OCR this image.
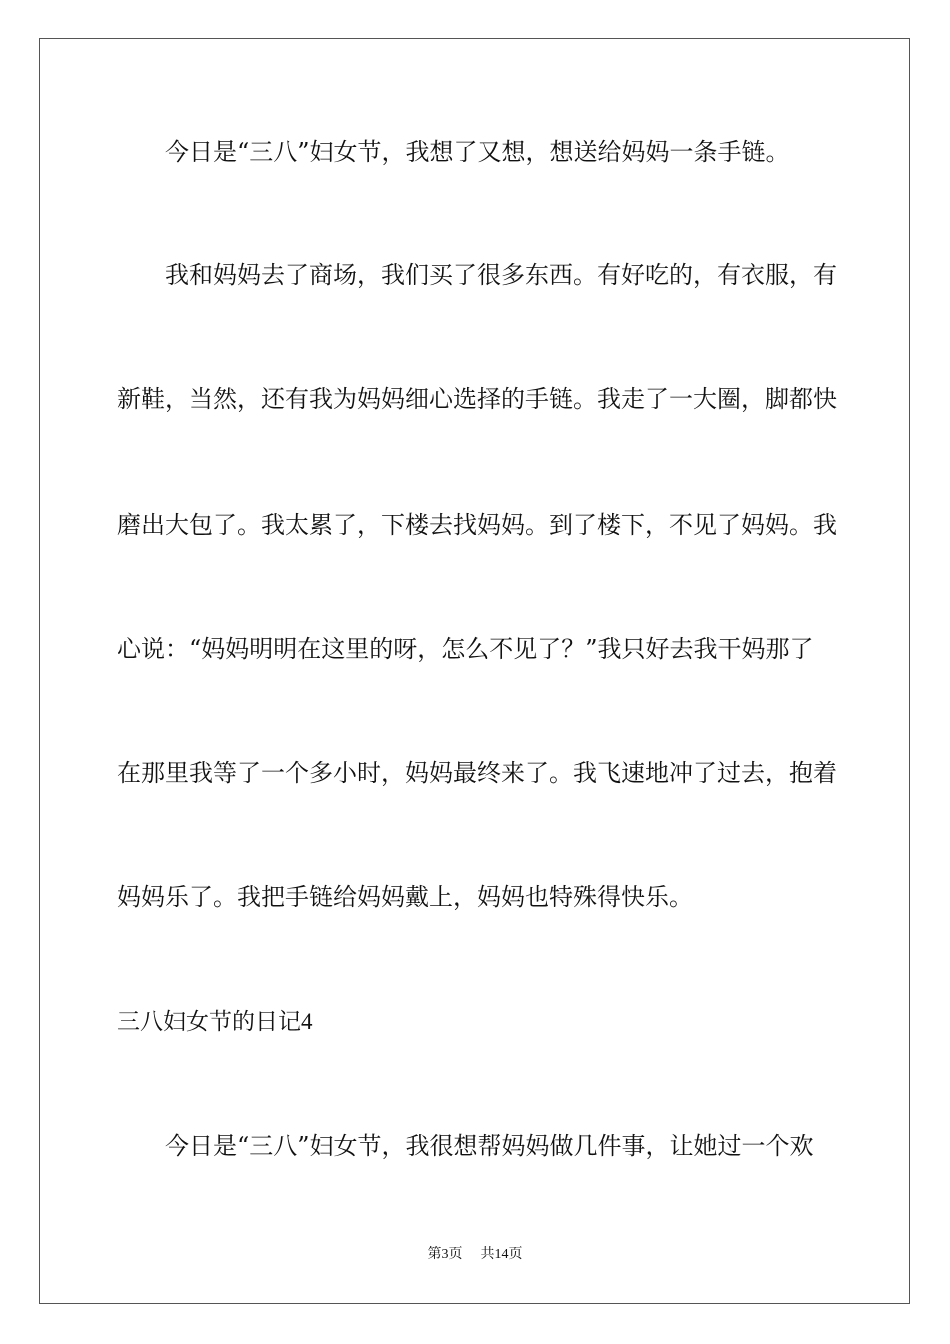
今日是“三八”妇女节，我想了又想，想送给妈妈一条手链。
我和妈妈去了商场，我们买了很多东西。有好吃的，有衣服，有
新鞋，当然，还有我为妈妈细心选择的手链。我走了一大圈，脚都快
磨出大包了。我太累了，下楼去找妈妈。到了楼下，不见了妈妈。我
心说：“妈妈明明在这里的呀，怎么不见了？”我只好去我干妈那了
在那里我等了一个多小时，妈妈最终来了。我飞速地冲了过去，抱着
妈妈乐了。我把手链给妈妈戴上，妈妈也特殊得快乐。
三八妇女节的日记4
今日是“三八”妇女节，我很想帮妈妈做几件事，让她过一个欢
第3页 共14页
